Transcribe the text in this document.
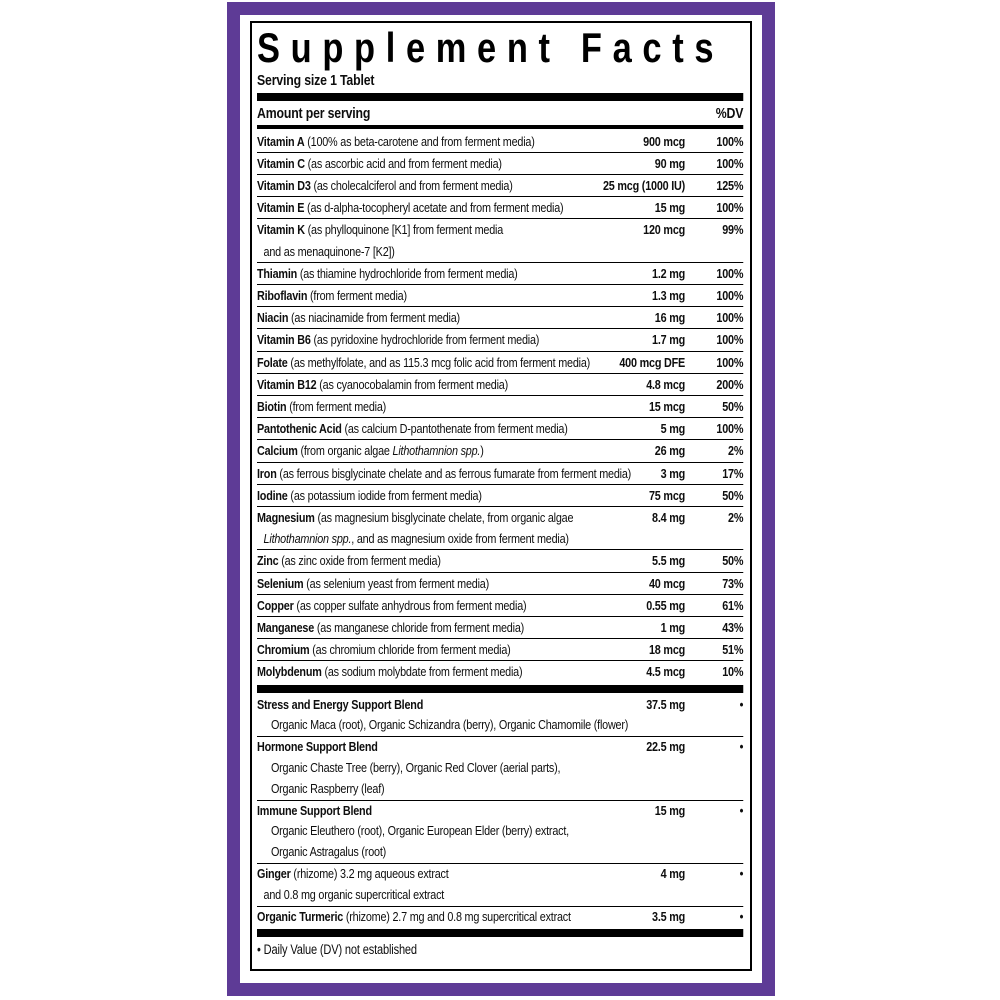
Supplement Facts
Serving size 1 Tablet
Amount per serving	%DV
Vitamin A (100% as beta-carotene and from ferment media)	900 mcg	100%
Vitamin C (as ascorbic acid and from ferment media)	90 mg	100%
Vitamin D3 (as cholecalciferol and from ferment media)	25 mcg (1000 IU)	125%
Vitamin E (as d-alpha-tocopheryl acetate and from ferment media)	15 mg	100%
Vitamin K (as phylloquinone [K1] from ferment media	120 mcg	99%
and as menaquinone-7 [K2])
Thiamin (as thiamine hydrochloride from ferment media)	1.2 mg	100%
Riboflavin (from ferment media)	1.3 mg	100%
Niacin (as niacinamide from ferment media)	16 mg	100%
Vitamin B6 (as pyridoxine hydrochloride from ferment media)	1.7 mg	100%
Folate (as methylfolate, and as 115.3 mcg folic acid from ferment media)	400 mcg DFE	100%
Vitamin B12 (as cyanocobalamin from ferment media)	4.8 mcg	200%
Biotin (from ferment media)	15 mcg	50%
Pantothenic Acid (as calcium D-pantothenate from ferment media)	5 mg	100%
Calcium (from organic algae Lithothamnion spp.)	26 mg	2%
Iron (as ferrous bisglycinate chelate and as ferrous fumarate from ferment media)	3 mg	17%
Iodine (as potassium iodide from ferment media)	75 mcg	50%
Magnesium (as magnesium bisglycinate chelate, from organic algae	8.4 mg	2%
Lithothamnion spp., and as magnesium oxide from ferment media)
Zinc (as zinc oxide from ferment media)	5.5 mg	50%
Selenium (as selenium yeast from ferment media)	40 mcg	73%
Copper (as copper sulfate anhydrous from ferment media)	0.55 mg	61%
Manganese (as manganese chloride from ferment media)	1 mg	43%
Chromium (as chromium chloride from ferment media)	18 mcg	51%
Molybdenum (as sodium molybdate from ferment media)	4.5 mcg	10%
Stress and Energy Support Blend	37.5 mg	•
Organic Maca (root), Organic Schizandra (berry), Organic Chamomile (flower)
Hormone Support Blend	22.5 mg	•
Organic Chaste Tree (berry), Organic Red Clover (aerial parts),
Organic Raspberry (leaf)
Immune Support Blend	15 mg	•
Organic Eleuthero (root), Organic European Elder (berry) extract,
Organic Astragalus (root)
Ginger (rhizome) 3.2 mg aqueous extract	4 mg	•
and 0.8 mg organic supercritical extract
Organic Turmeric (rhizome) 2.7 mg and 0.8 mg supercritical extract	3.5 mg	•
• Daily Value (DV) not established
